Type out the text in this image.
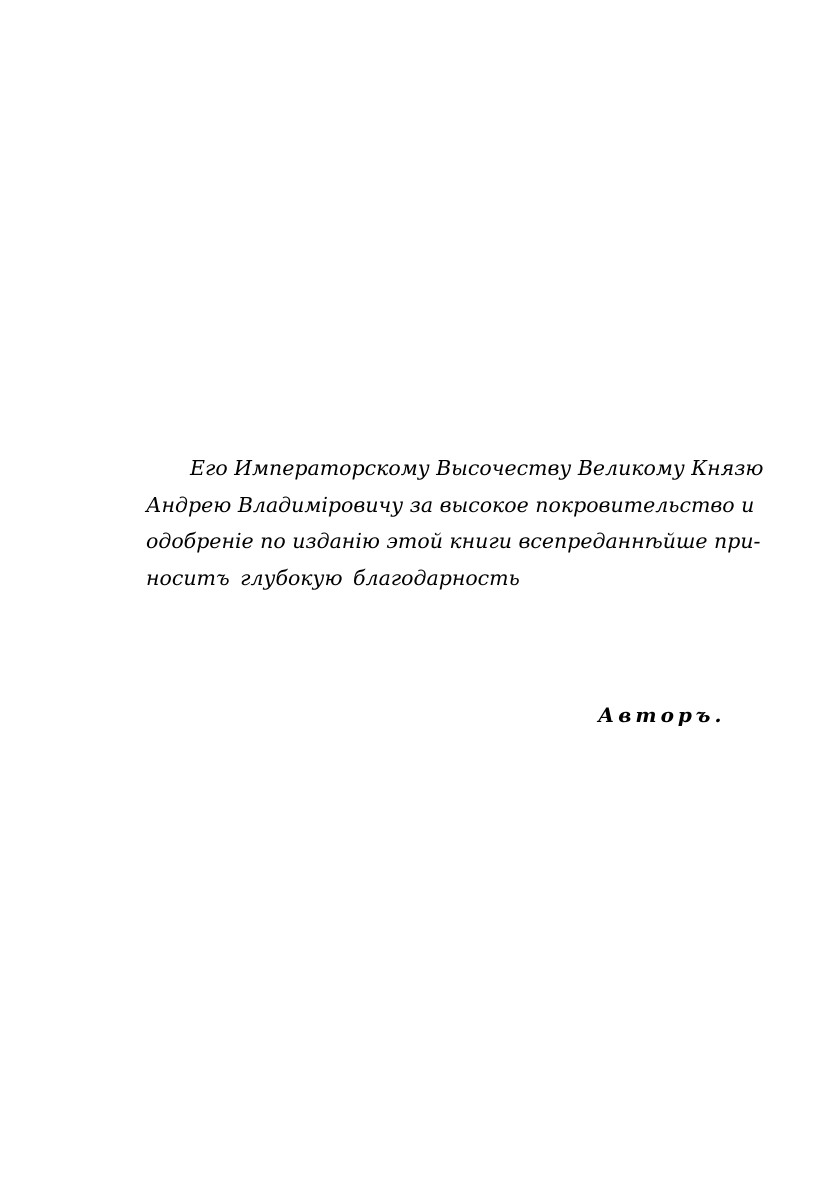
Его Императорскому Высочеству Великому Князю
Андрею Владимiровичу за высокое покровительство и
одобренiе по изданiю этой книги всепреданнѣйше при-
носитъ глубокую благодарность
Авторъ.
